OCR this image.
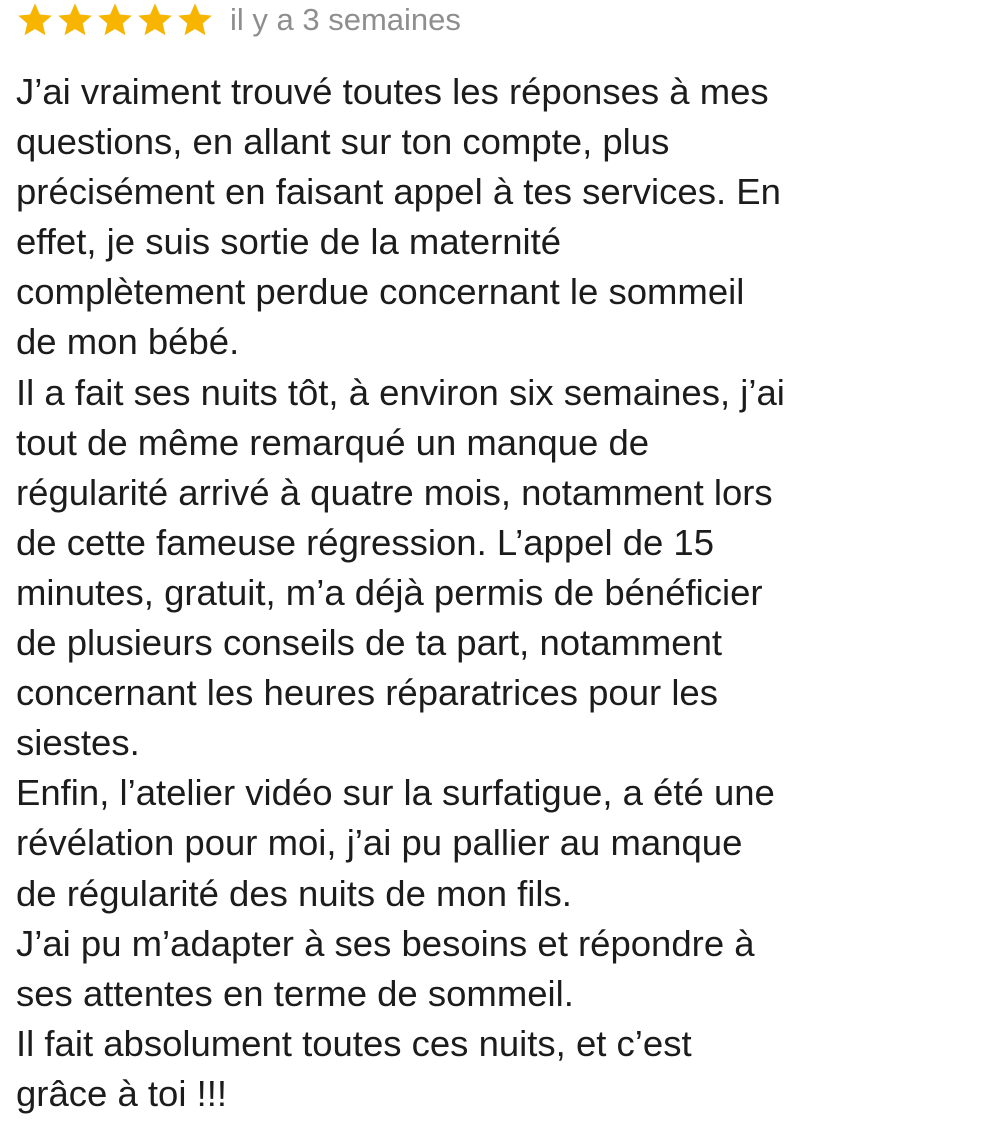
il y a 3 semaines
J’ai vraiment trouvé toutes les réponses à mes
questions, en allant sur ton compte, plus
précisément en faisant appel à tes services. En
effet, je suis sortie de la maternité
complètement perdue concernant le sommeil
de mon bébé.
Il a fait ses nuits tôt, à environ six semaines, j’ai
tout de même remarqué un manque de
régularité arrivé à quatre mois, notamment lors
de cette fameuse régression. L’appel de 15
minutes, gratuit, m’a déjà permis de bénéficier
de plusieurs conseils de ta part, notamment
concernant les heures réparatrices pour les
siestes.
Enfin, l’atelier vidéo sur la surfatigue, a été une
révélation pour moi, j’ai pu pallier au manque
de régularité des nuits de mon fils.
J’ai pu m’adapter à ses besoins et répondre à
ses attentes en terme de sommeil.
Il fait absolument toutes ces nuits, et c’est
grâce à toi !!!
